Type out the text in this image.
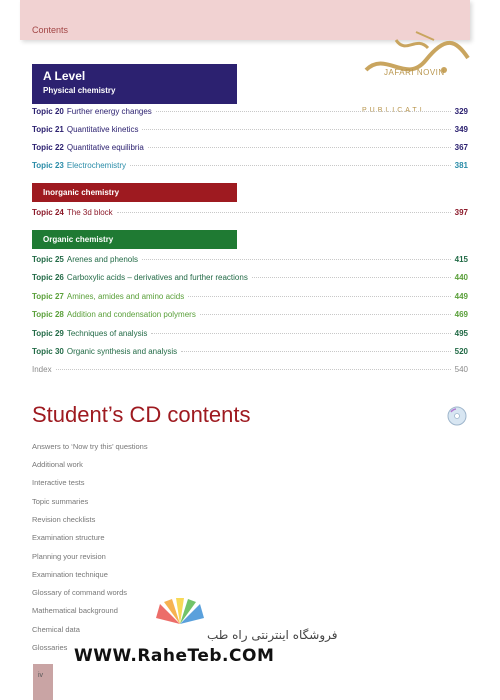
Contents
JAFARI NOVIN
PUBLICATI
A Level
Physical chemistry
Topic 20 Further energy changes	329
Topic 21 Quantitative kinetics	349
Topic 22 Quantitative equilibria	367
Topic 23 Electrochemistry	381
Inorganic chemistry
Topic 24 The 3d block	397
Organic chemistry
Topic 25 Arenes and phenols	415
Topic 26 Carboxylic acids – derivatives and further reactions	440
Topic 27 Amines, amides and amino acids	449
Topic 28 Addition and condensation polymers	469
Topic 29 Techniques of analysis	495
Topic 30 Organic synthesis and analysis	520
Index	540
Student’s CD contents
Answers to ‘Now try this’ questions
Additional work
Interactive tests
Topic summaries
Revision checklists
Examination structure
Planning your revision
Examination technique
Glossary of command words
Mathematical background
Chemical data
Glossaries
فروشگاه اینترنتی راه طب
WWW.RaheTeb.COM
iv
